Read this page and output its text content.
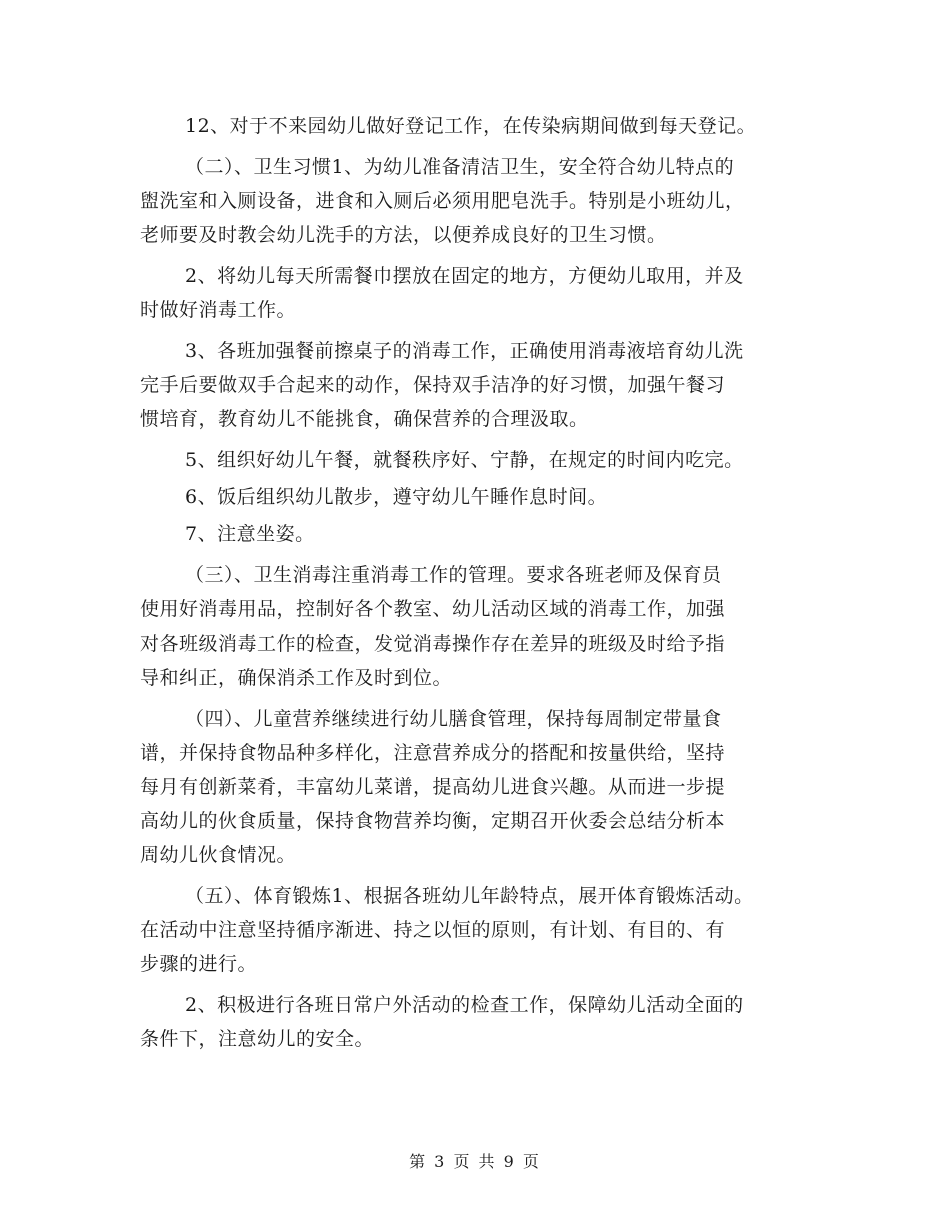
12、对于不来园幼儿做好登记工作，在传染病期间做到每天登记。
（二）、卫生习惯1、为幼儿准备清洁卫生，安全符合幼儿特点的
盥洗室和入厕设备，进食和入厕后必须用肥皂洗手。特别是小班幼儿，
老师要及时教会幼儿洗手的方法，以便养成良好的卫生习惯。
2、将幼儿每天所需餐巾摆放在固定的地方，方便幼儿取用，并及
时做好消毒工作。
3、各班加强餐前擦桌子的消毒工作，正确使用消毒液培育幼儿洗
完手后要做双手合起来的动作，保持双手洁净的好习惯，加强午餐习
惯培育，教育幼儿不能挑食，确保营养的合理汲取。
5、组织好幼儿午餐，就餐秩序好、宁静，在规定的时间内吃完。
6、饭后组织幼儿散步，遵守幼儿午睡作息时间。
7、注意坐姿。
（三）、卫生消毒注重消毒工作的管理。要求各班老师及保育员
使用好消毒用品，控制好各个教室、幼儿活动区域的消毒工作，加强
对各班级消毒工作的检查，发觉消毒操作存在差异的班级及时给予指
导和纠正，确保消杀工作及时到位。
（四）、儿童营养继续进行幼儿膳食管理，保持每周制定带量食
谱，并保持食物品种多样化，注意营养成分的搭配和按量供给，坚持
每月有创新菜肴，丰富幼儿菜谱，提高幼儿进食兴趣。从而进一步提
高幼儿的伙食质量，保持食物营养均衡，定期召开伙委会总结分析本
周幼儿伙食情况。
（五）、体育锻炼1、根据各班幼儿年龄特点，展开体育锻炼活动。
在活动中注意坚持循序渐进、持之以恒的原则，有计划、有目的、有
步骤的进行。
2、积极进行各班日常户外活动的检查工作，保障幼儿活动全面的
条件下，注意幼儿的安全。
第 3 页 共 9 页
